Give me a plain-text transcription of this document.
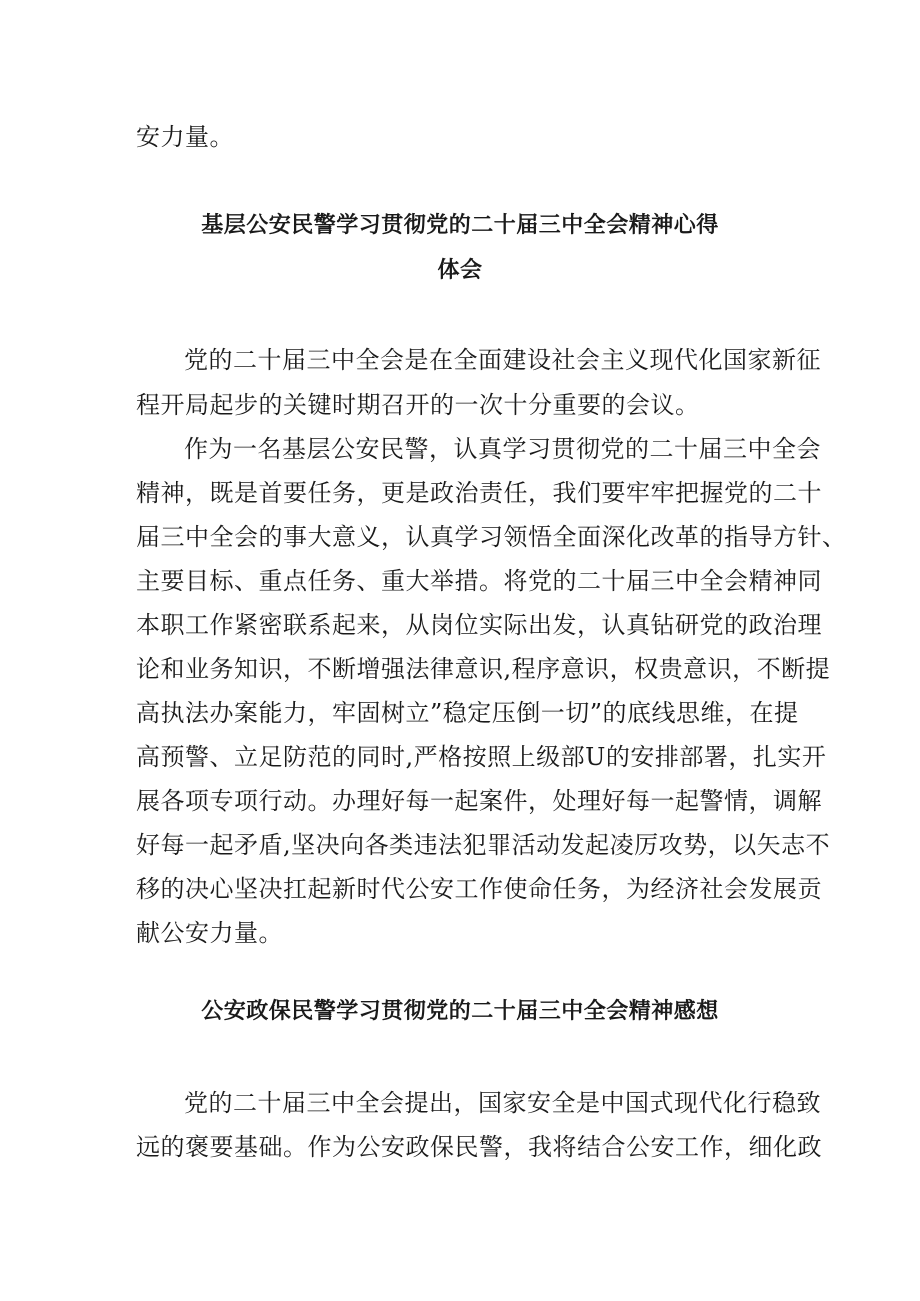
安力量。
基层公安民警学习贯彻党的二十届三中全会精神心得
体会
党的二十届三中全会是在全面建设社会主义现代化国家新征
程开局起步的关键时期召开的一次十分重要的会议。
作为一名基层公安民警，认真学习贯彻党的二十届三中全会
精神，既是首要任务，更是政治责任，我们要牢牢把握党的二十
届三中全会的事大意义，认真学习领悟全面深化改革的指导方针、
主要目标、重点任务、重大举措。将党的二十届三中全会精神同
本职工作紧密联系起来，从岗位实际出发，认真钻研党的政治理
论和业务知识，不断增强法律意识,程序意识，权贵意识，不断提
高执法办案能力，牢固树立”稳定压倒一切”的底线思维，在提
高预警、立足防范的同时,严格按照上级部U的安排部署，扎实开
展各项专项行动。办理好每一起案件，处理好每一起警情，调解
好每一起矛盾,坚决向各类违法犯罪活动发起凌厉攻势，以矢志不
移的决心坚决扛起新时代公安工作使命任务，为经济社会发展贡
献公安力量。
公安政保民警学习贯彻党的二十届三中全会精神感想
党的二十届三中全会提出，国家安全是中国式现代化行稳致
远的褒要基础。作为公安政保民警，我将结合公安工作，细化政
